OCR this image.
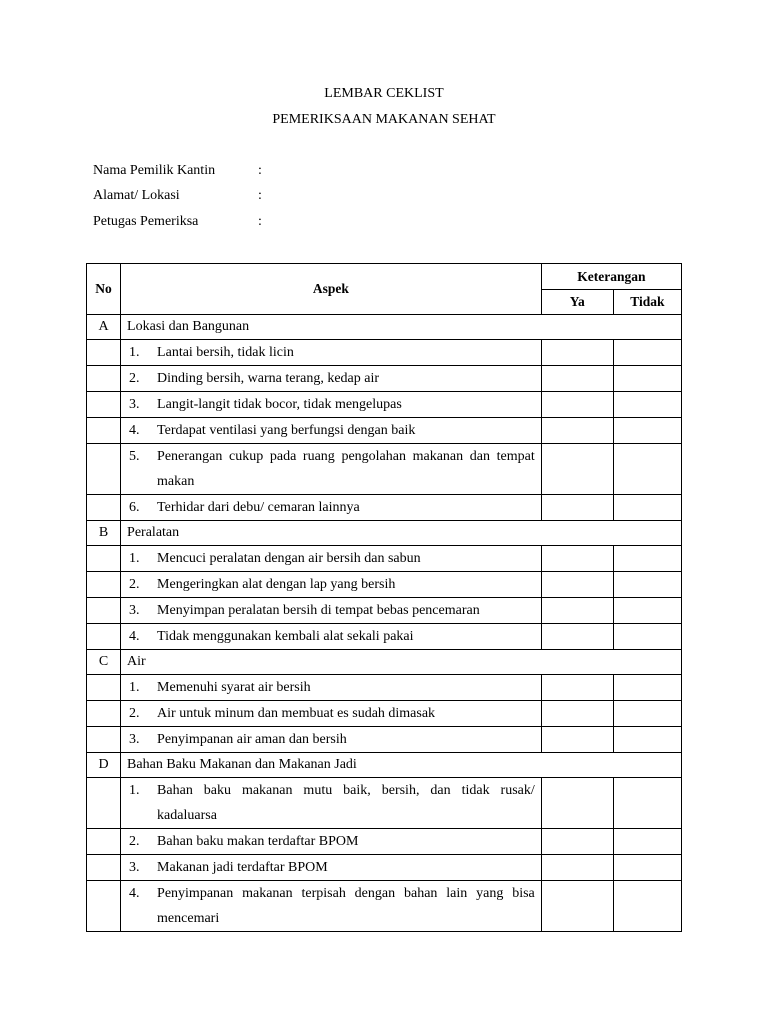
LEMBAR CEKLIST
PEMERIKSAAN MAKANAN SEHAT
Nama Pemilik Kantin	:
Alamat/ Lokasi	:
Petugas Pemeriksa	:
No	Aspek	Keterangan	
		Ya	Tidak
A	Lokasi dan Bangunan		

	1. Lantai bersih, tidak licin		

	2. Dinding bersih, warna terang, kedap air		

	3. Langit-langit tidak bocor, tidak mengelupas		

	4. Terdapat ventilasi yang berfungsi dengan baik		

	5. Penerangan cukup pada ruang pengolahan makanan dan tempat makan		

	6. Terhidar dari debu/ cemaran lainnya		

B	Peralatan		

	1. Mencuci peralatan dengan air bersih dan sabun		

	2. Mengeringkan alat dengan lap yang bersih		

	3. Menyimpan peralatan bersih di tempat bebas pencemaran		

	4. Tidak menggunakan kembali alat sekali pakai		

C	Air		

	1. Memenuhi syarat air bersih		

	2. Air untuk minum dan membuat es sudah dimasak		

	3. Penyimpanan air aman dan bersih		

D	Bahan Baku Makanan dan Makanan Jadi		

	1. Bahan baku makanan mutu baik, bersih, dan tidak rusak/ kadaluarsa		

	2. Bahan baku makan terdaftar BPOM		

	3. Makanan jadi terdaftar BPOM		

	4. Penyimpanan makanan terpisah dengan bahan lain yang bisa mencemari		
